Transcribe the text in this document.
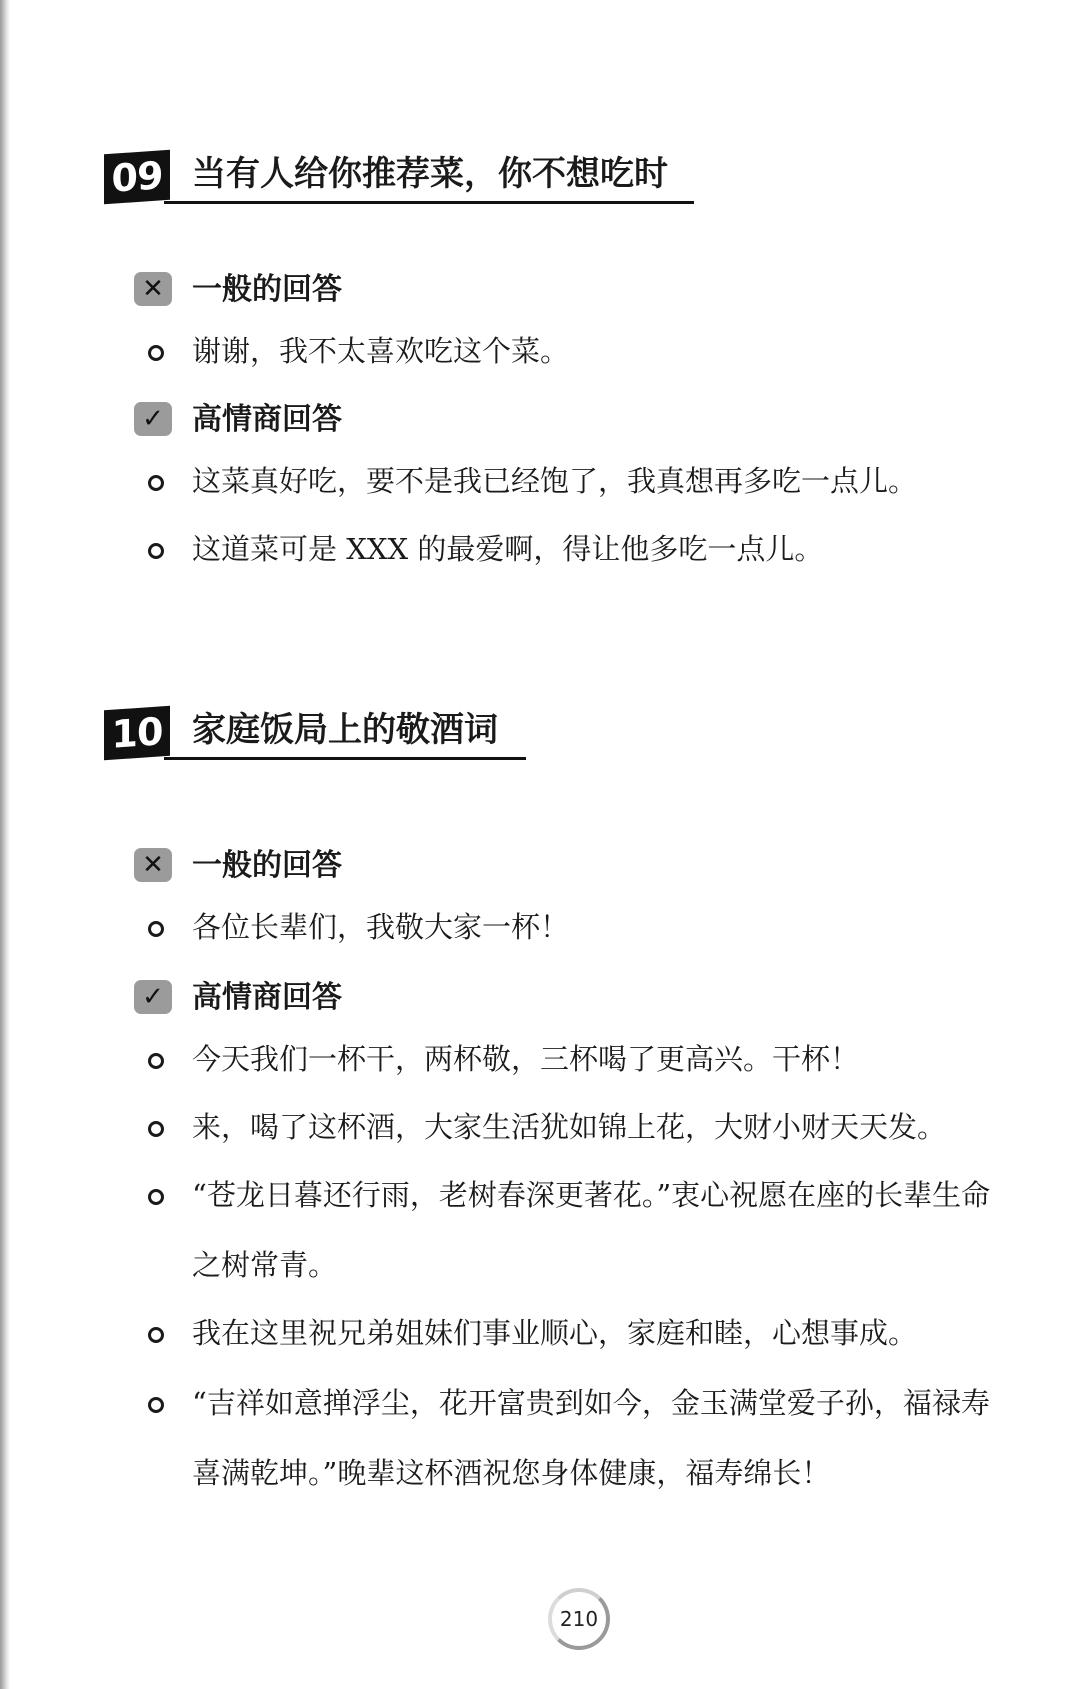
09 当有人给你推荐菜，你不想吃时
✕ 一般的回答
谢谢，我不太喜欢吃这个菜。
✓ 高情商回答
这菜真好吃，要不是我已经饱了，我真想再多吃一点儿。
这道菜可是 XXX 的最爱啊，得让他多吃一点儿。
10 家庭饭局上的敬酒词
✕ 一般的回答
各位长辈们，我敬大家一杯！
✓ 高情商回答
今天我们一杯干，两杯敬，三杯喝了更高兴。干杯！
来，喝了这杯酒，大家生活犹如锦上花，大财小财天天发。
“苍龙日暮还行雨，老树春深更著花。”衷心祝愿在座的长辈生命之树常青。
我在这里祝兄弟姐妹们事业顺心，家庭和睦，心想事成。
“吉祥如意掸浮尘，花开富贵到如今，金玉满堂爱子孙，福禄寿喜满乾坤。”晚辈这杯酒祝您身体健康，福寿绵长！
210
